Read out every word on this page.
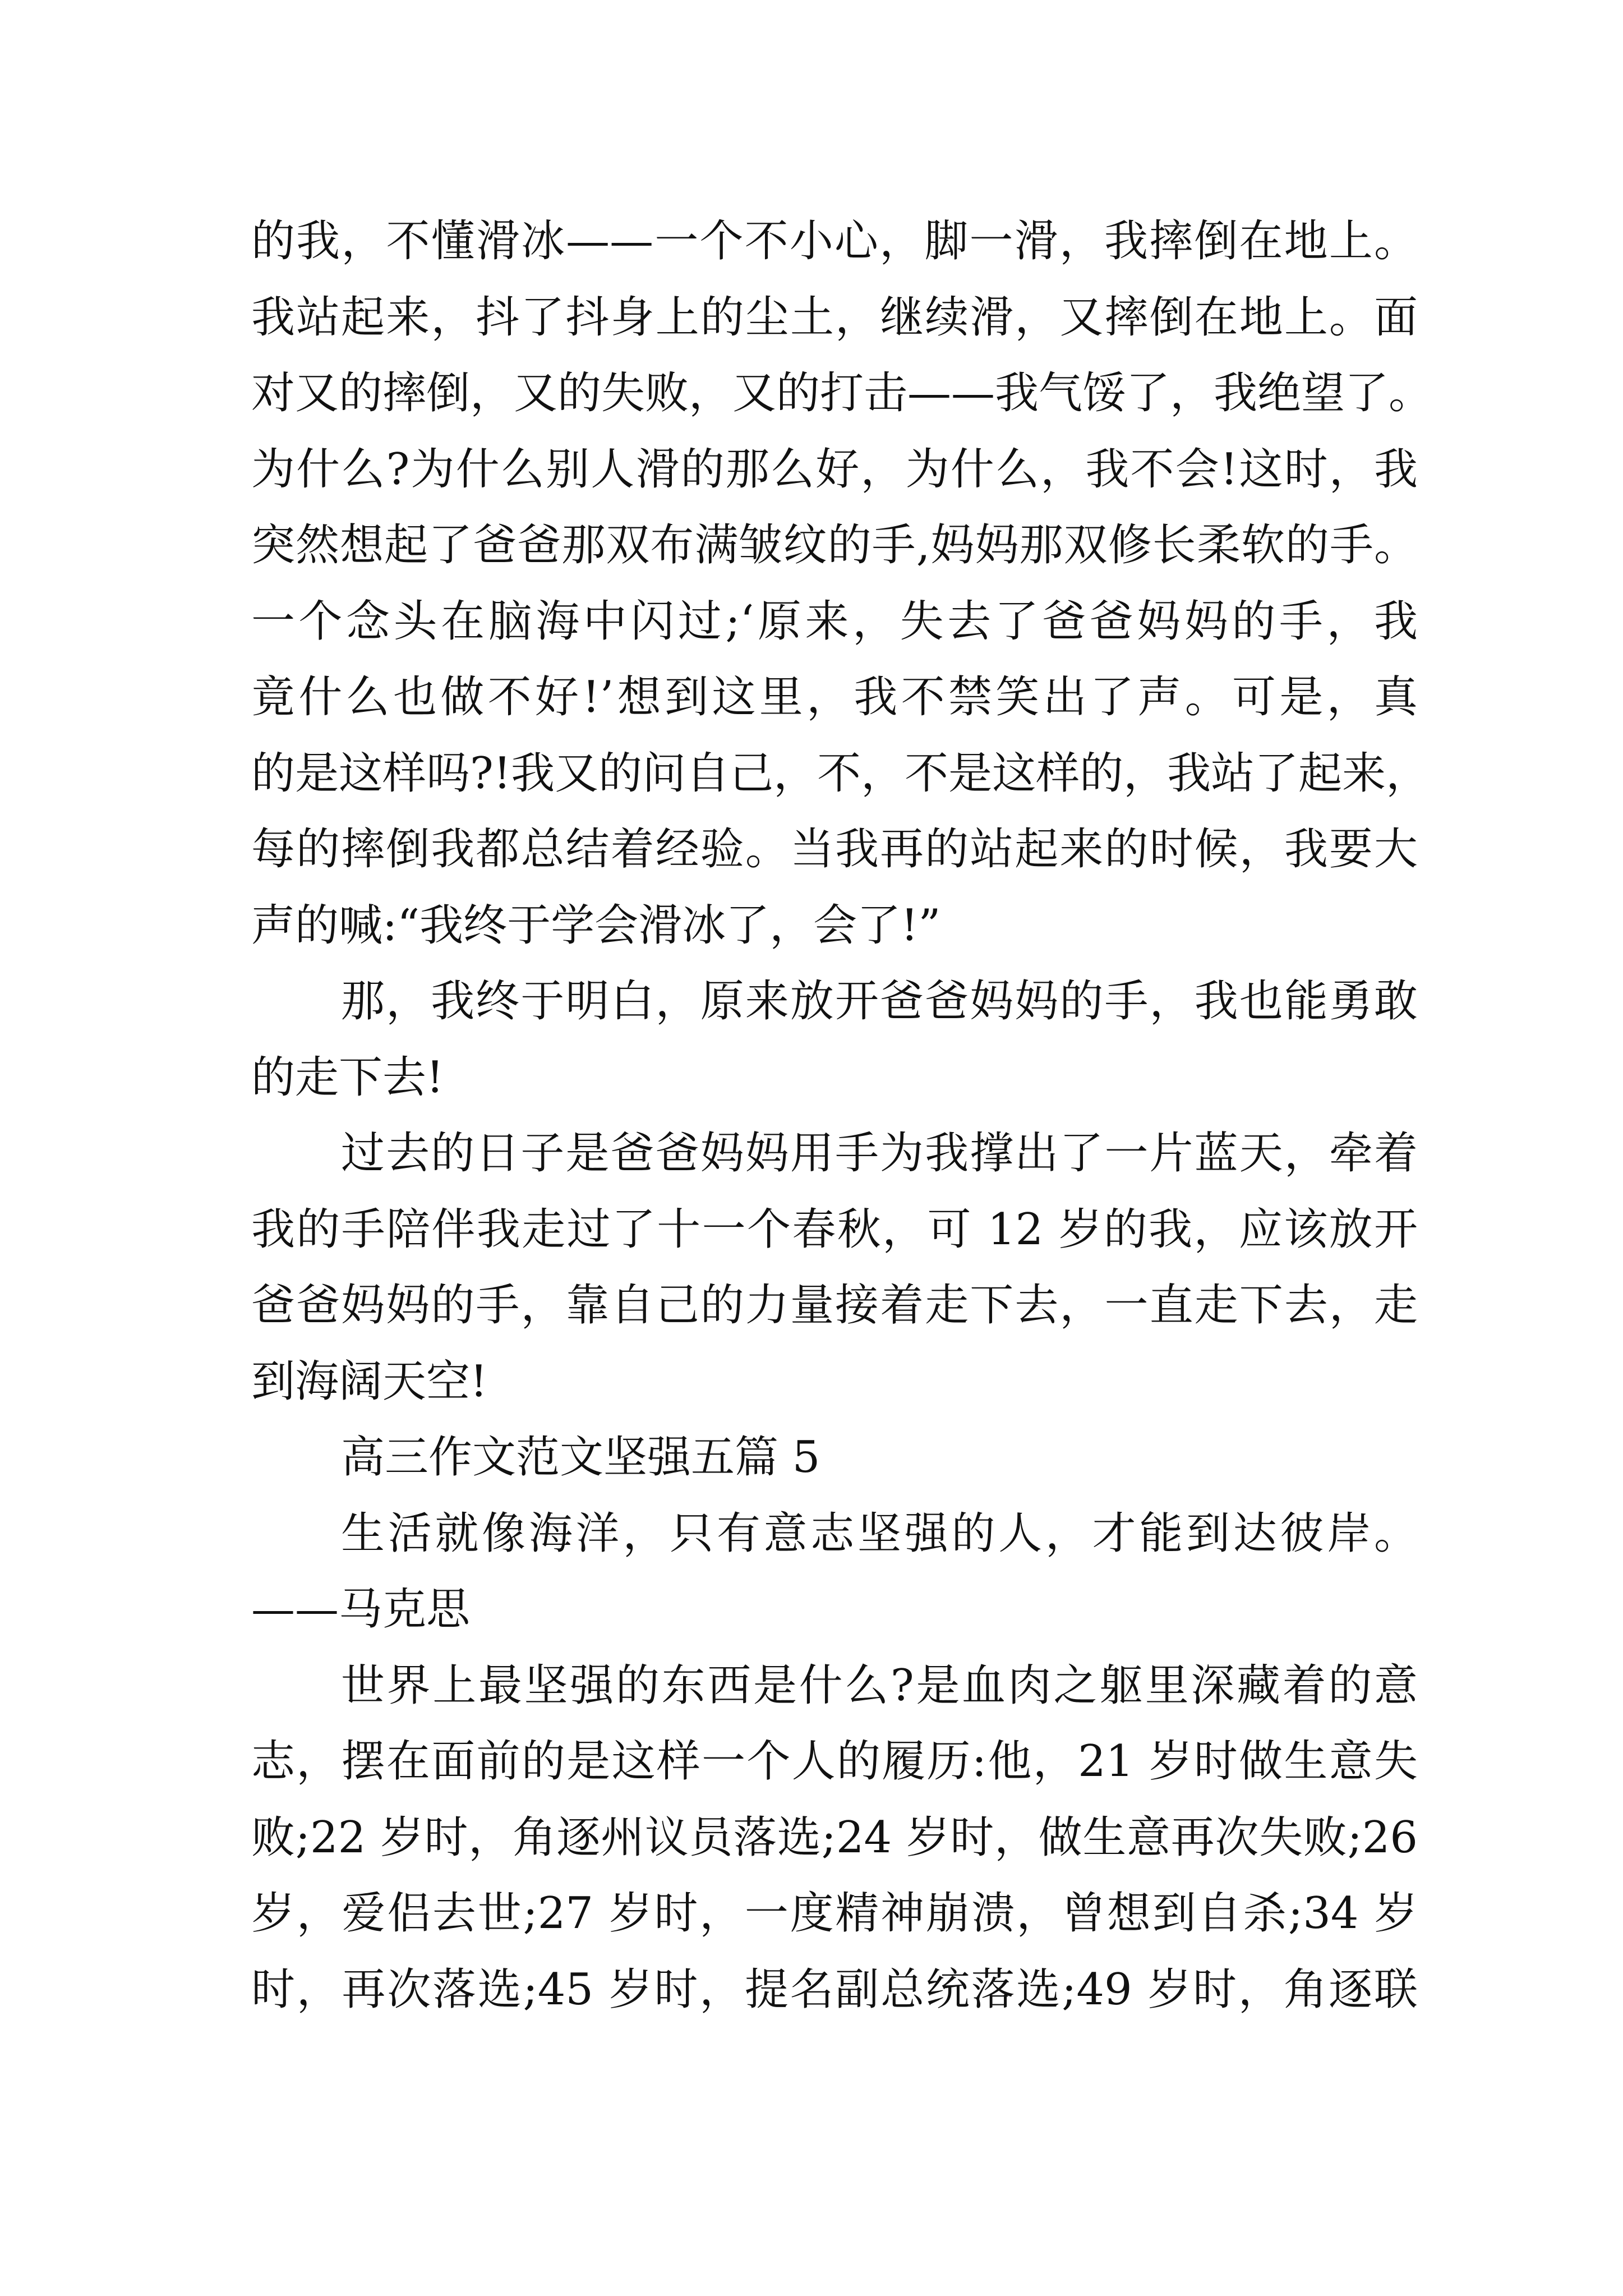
的我，不懂滑冰——一个不小心，脚一滑，我摔倒在地上。
我站起来，抖了抖身上的尘土，继续滑，又摔倒在地上。面
对又的摔倒，又的失败，又的打击——我气馁了，我绝望了。
为什么?为什么别人滑的那么好，为什么，我不会!这时，我
突然想起了爸爸那双布满皱纹的手,妈妈那双修长柔软的手。
一个念头在脑海中闪过;‘原来，失去了爸爸妈妈的手，我
竟什么也做不好!’想到这里，我不禁笑出了声。可是，真
的是这样吗?!我又的问自己，不，不是这样的，我站了起来，
每的摔倒我都总结着经验。当我再的站起来的时候，我要大
声的喊:“我终于学会滑冰了，会了!”
那，我终于明白，原来放开爸爸妈妈的手，我也能勇敢
的走下去!
过去的日子是爸爸妈妈用手为我撑出了一片蓝天，牵着
我的手陪伴我走过了十一个春秋，可 12 岁的我，应该放开
爸爸妈妈的手，靠自己的力量接着走下去，一直走下去，走
到海阔天空!
高三作文范文坚强五篇 5
生活就像海洋，只有意志坚强的人，才能到达彼岸。
——马克思
世界上最坚强的东西是什么?是血肉之躯里深藏着的意
志，摆在面前的是这样一个人的履历:他，21 岁时做生意失
败;22 岁时，角逐州议员落选;24 岁时，做生意再次失败;26
岁，爱侣去世;27 岁时，一度精神崩溃，曾想到自杀;34 岁
时，再次落选;45 岁时，提名副总统落选;49 岁时，角逐联
